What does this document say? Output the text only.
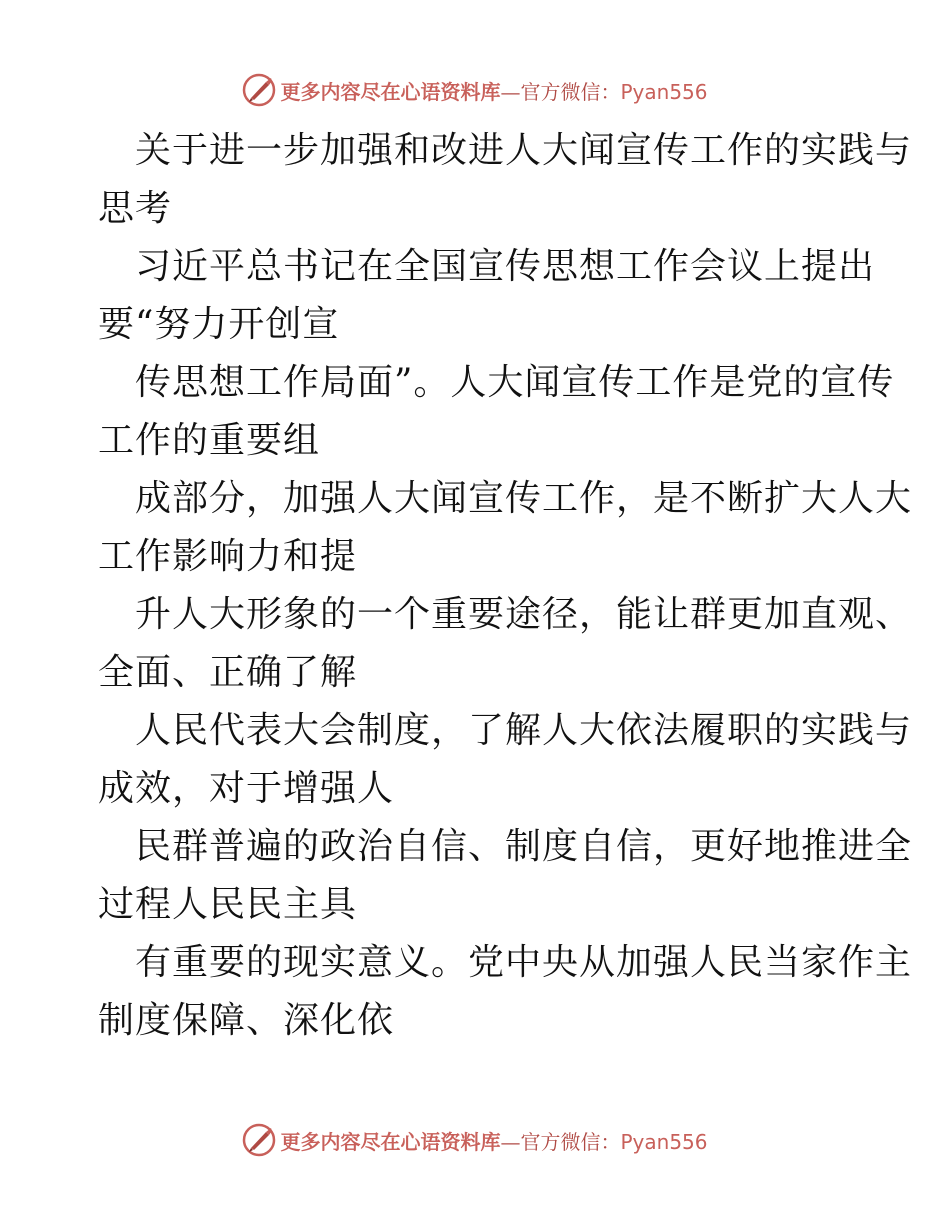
更多内容尽在心语资料库—官方微信：Pyan556
关于进一步加强和改进人大闻宣传工作的实践与
思考
习近平总书记在全国宣传思想工作会议上提出
要“努力开创宣
传思想工作局面”。人大闻宣传工作是党的宣传
工作的重要组
成部分，加强人大闻宣传工作，是不断扩大人大
工作影响力和提
升人大形象的一个重要途径，能让群更加直观、
全面、正确了解
人民代表大会制度，了解人大依法履职的实践与
成效，对于增强人
民群普遍的政治自信、制度自信，更好地推进全
过程人民民主具
有重要的现实意义。党中央从加强人民当家作主
制度保障、深化依
更多内容尽在心语资料库—官方微信：Pyan556
